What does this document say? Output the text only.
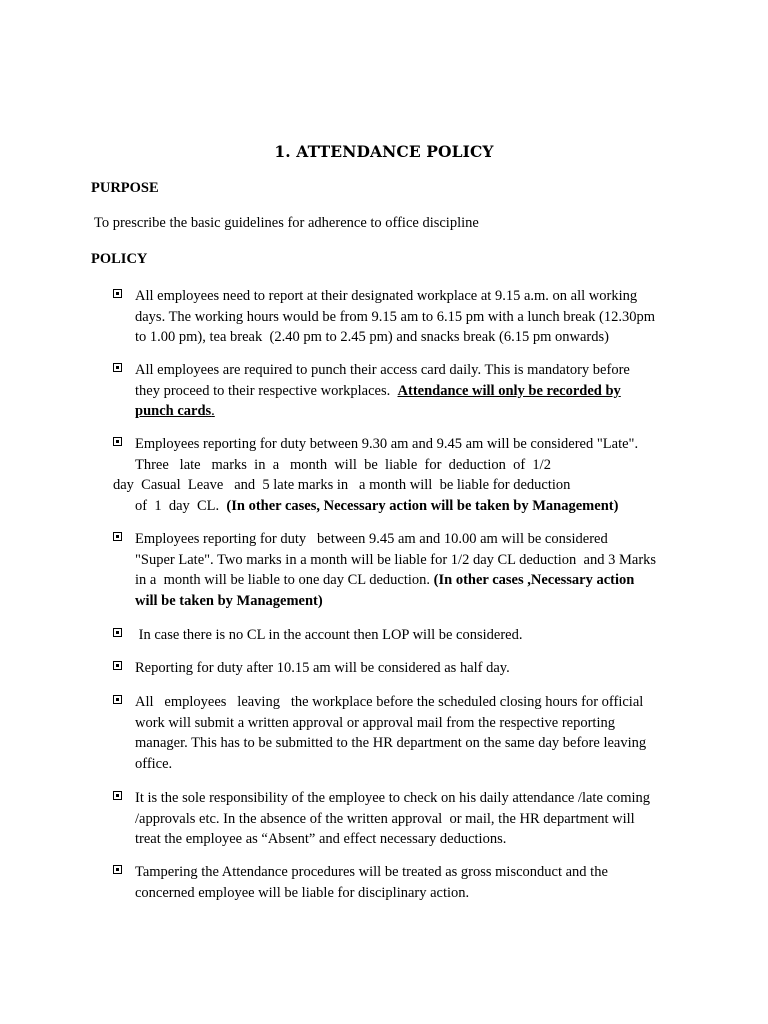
1. ATTENDANCE POLICY
PURPOSE
To prescribe the basic guidelines for adherence to office discipline
POLICY
All employees need to report at their designated workplace at 9.15 a.m. on all working
days. The working hours would be from 9.15 am to 6.15 pm with a lunch break (12.30pm
to 1.00 pm), tea break  (2.40 pm to 2.45 pm) and snacks break (6.15 pm onwards)
All employees are required to punch their access card daily. This is mandatory before
they proceed to their respective workplaces.  Attendance will only be recorded by
punch cards.
Employees reporting for duty between 9.30 am and 9.45 am will be considered "Late".
Three   late   marks  in  a   month  will  be  liable  for  deduction  of  1/2
day  Casual  Leave   and  5 late marks in   a month will  be liable for deduction
of  1  day  CL.  (In other cases, Necessary action will be taken by Management)
Employees reporting for duty   between 9.45 am and 10.00 am will be considered
"Super Late". Two marks in a month will be liable for 1/2 day CL deduction  and 3 Marks
in a  month will be liable to one day CL deduction. (In other cases ,Necessary action
will be taken by Management)
In case there is no CL in the account then LOP will be considered.
Reporting for duty after 10.15 am will be considered as half day.
All   employees   leaving   the workplace before the scheduled closing hours for official
work will submit a written approval or approval mail from the respective reporting
manager. This has to be submitted to the HR department on the same day before leaving
office.
It is the sole responsibility of the employee to check on his daily attendance /late coming
/approvals etc. In the absence of the written approval  or mail, the HR department will
treat the employee as “Absent” and effect necessary deductions.
Tampering the Attendance procedures will be treated as gross misconduct and the
concerned employee will be liable for disciplinary action.
